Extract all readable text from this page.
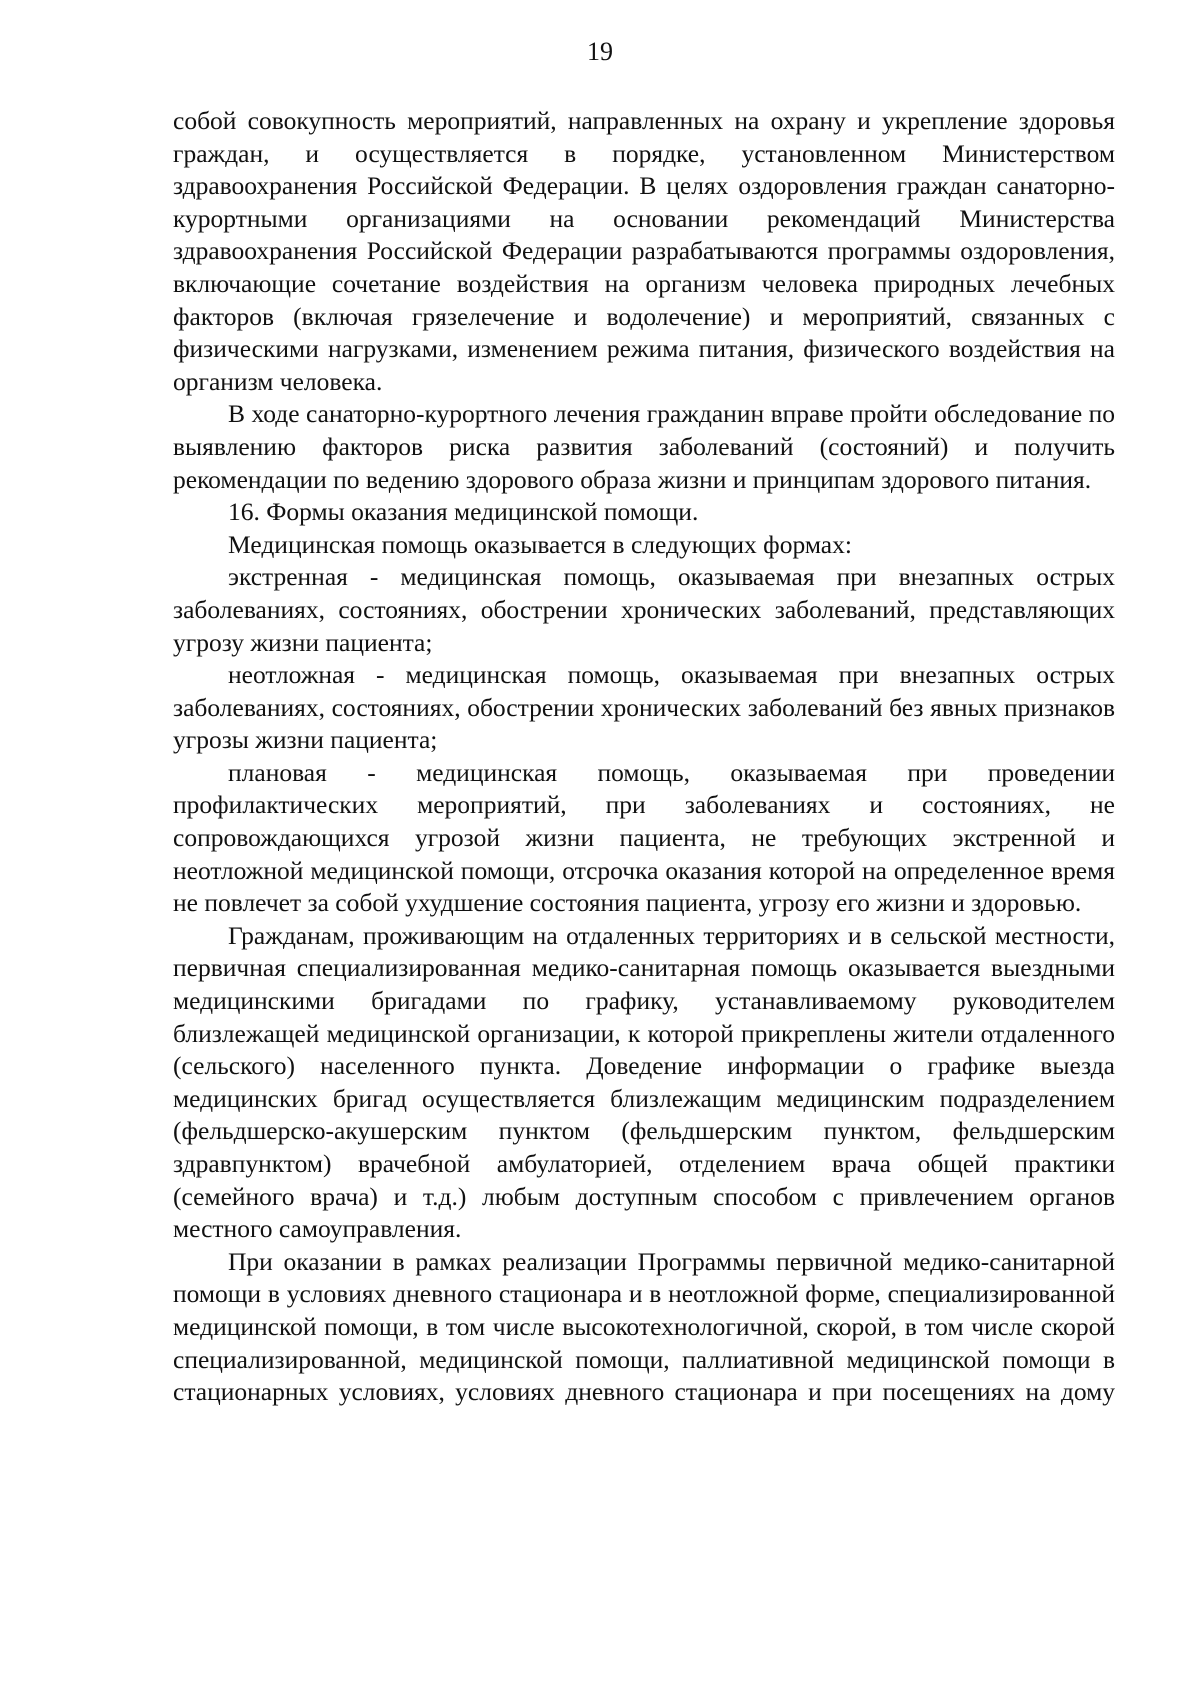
19

собой совокупность мероприятий, направленных на охрану и укрепление здоровья граждан, и осуществляется в порядке, установленном Министерством здравоохранения Российской Федерации. В целях оздоровления граждан санаторно-курортными организациями на основании рекомендаций Министерства здравоохранения Российской Федерации разрабатываются программы оздоровления, включающие сочетание воздействия на организм человека природных лечебных факторов (включая грязелечение и водолечение) и мероприятий, связанных с физическими нагрузками, изменением режима питания, физического воздействия на организм человека.

В ходе санаторно-курортного лечения гражданин вправе пройти обследование по выявлению факторов риска развития заболеваний (состояний) и получить рекомендации по ведению здорового образа жизни и принципам здорового питания.

16. Формы оказания медицинской помощи.

Медицинская помощь оказывается в следующих формах:

экстренная - медицинская помощь, оказываемая при внезапных острых заболеваниях, состояниях, обострении хронических заболеваний, представляющих угрозу жизни пациента;

неотложная - медицинская помощь, оказываемая при внезапных острых заболеваниях, состояниях, обострении хронических заболеваний без явных признаков угрозы жизни пациента;

плановая - медицинская помощь, оказываемая при проведении профилактических мероприятий, при заболеваниях и состояниях, не сопровождающихся угрозой жизни пациента, не требующих экстренной и неотложной медицинской помощи, отсрочка оказания которой на определенное время не повлечет за собой ухудшение состояния пациента, угрозу его жизни и здоровью.

Гражданам, проживающим на отдаленных территориях и в сельской местности, первичная специализированная медико-санитарная помощь оказывается выездными медицинскими бригадами по графику, устанавливаемому руководителем близлежащей медицинской организации, к которой прикреплены жители отдаленного (сельского) населенного пункта. Доведение информации о графике выезда медицинских бригад осуществляется близлежащим медицинским подразделением (фельдшерско-акушерским пунктом (фельдшерским пунктом, фельдшерским здравпунктом) врачебной амбулаторией, отделением врача общей практики (семейного врача) и т.д.) любым доступным способом с привлечением органов местного самоуправления.

При оказании в рамках реализации Программы первичной медико-санитарной помощи в условиях дневного стационара и в неотложной форме, специализированной медицинской помощи, в том числе высокотехнологичной, скорой, в том числе скорой специализированной, медицинской помощи, паллиативной медицинской помощи в стационарных условиях, условиях дневного стационара и при посещениях на дому
